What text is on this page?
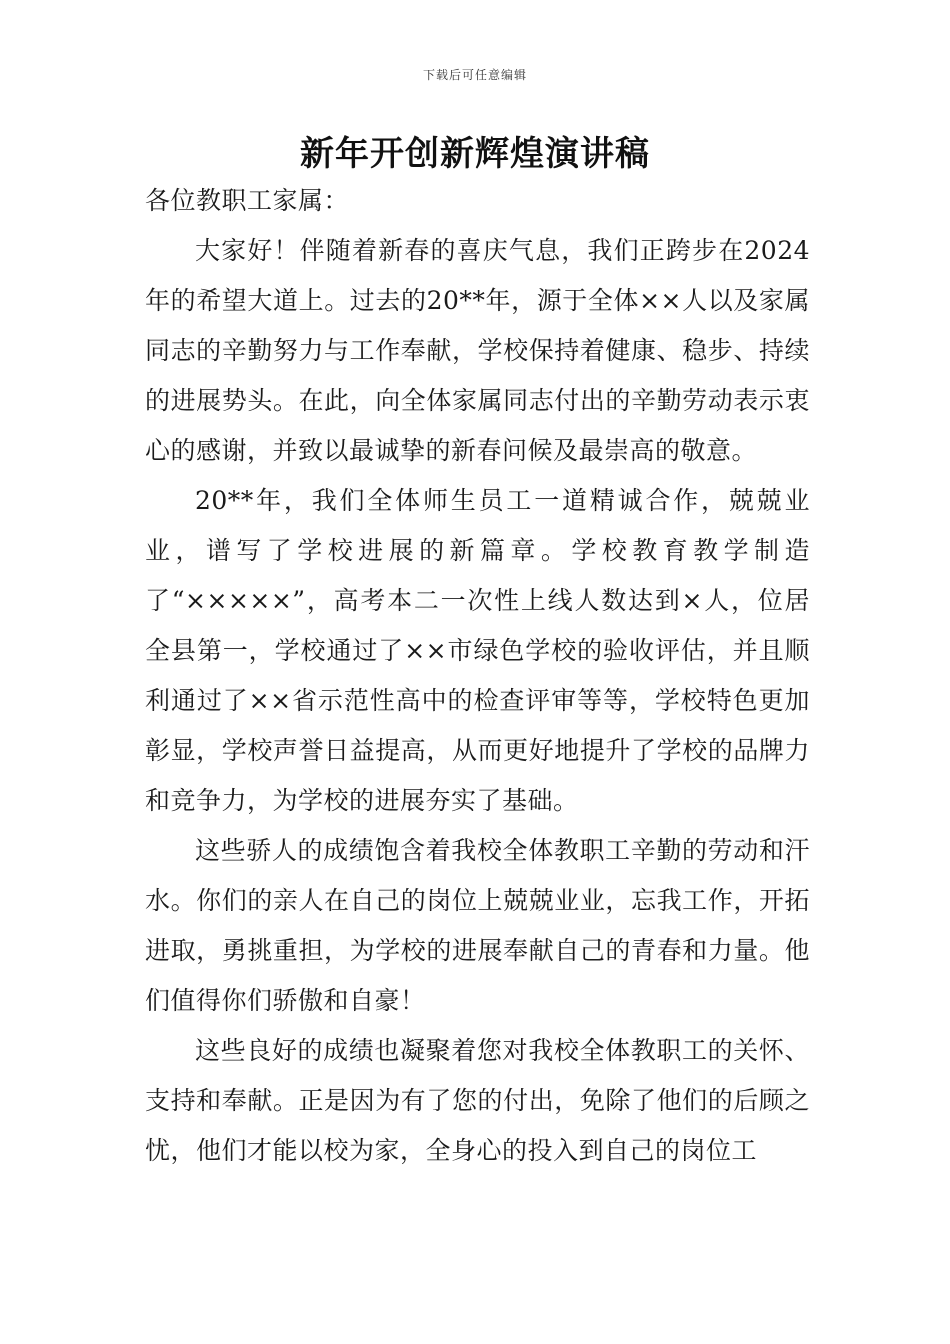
下载后可任意编辑
新年开创新辉煌演讲稿

各位教职工家属：

大家好！伴随着新春的喜庆气息，我们正跨步在2024年的希望大道上。过去的20**年，源于全体××人以及家属同志的辛勤努力与工作奉献，学校保持着健康、稳步、持续的进展势头。在此，向全体家属同志付出的辛勤劳动表示衷心的感谢，并致以最诚挚的新春问候及最崇高的敬意。

20**年，我们全体师生员工一道精诚合作，兢兢业业，谱写了学校进展的新篇章。学校教育教学制造了“×××××”，高考本二一次性上线人数达到×人，位居全县第一，学校通过了××市绿色学校的验收评估，并且顺利通过了××省示范性高中的检查评审等等，学校特色更加彰显，学校声誉日益提高，从而更好地提升了学校的品牌力和竞争力，为学校的进展夯实了基础。

这些骄人的成绩饱含着我校全体教职工辛勤的劳动和汗水。你们的亲人在自己的岗位上兢兢业业，忘我工作，开拓进取，勇挑重担，为学校的进展奉献自己的青春和力量。他们值得你们骄傲和自豪！

这些良好的成绩也凝聚着您对我校全体教职工的关怀、支持和奉献。正是因为有了您的付出，免除了他们的后顾之忧，他们才能以校为家，全身心的投入到自己的岗位工
